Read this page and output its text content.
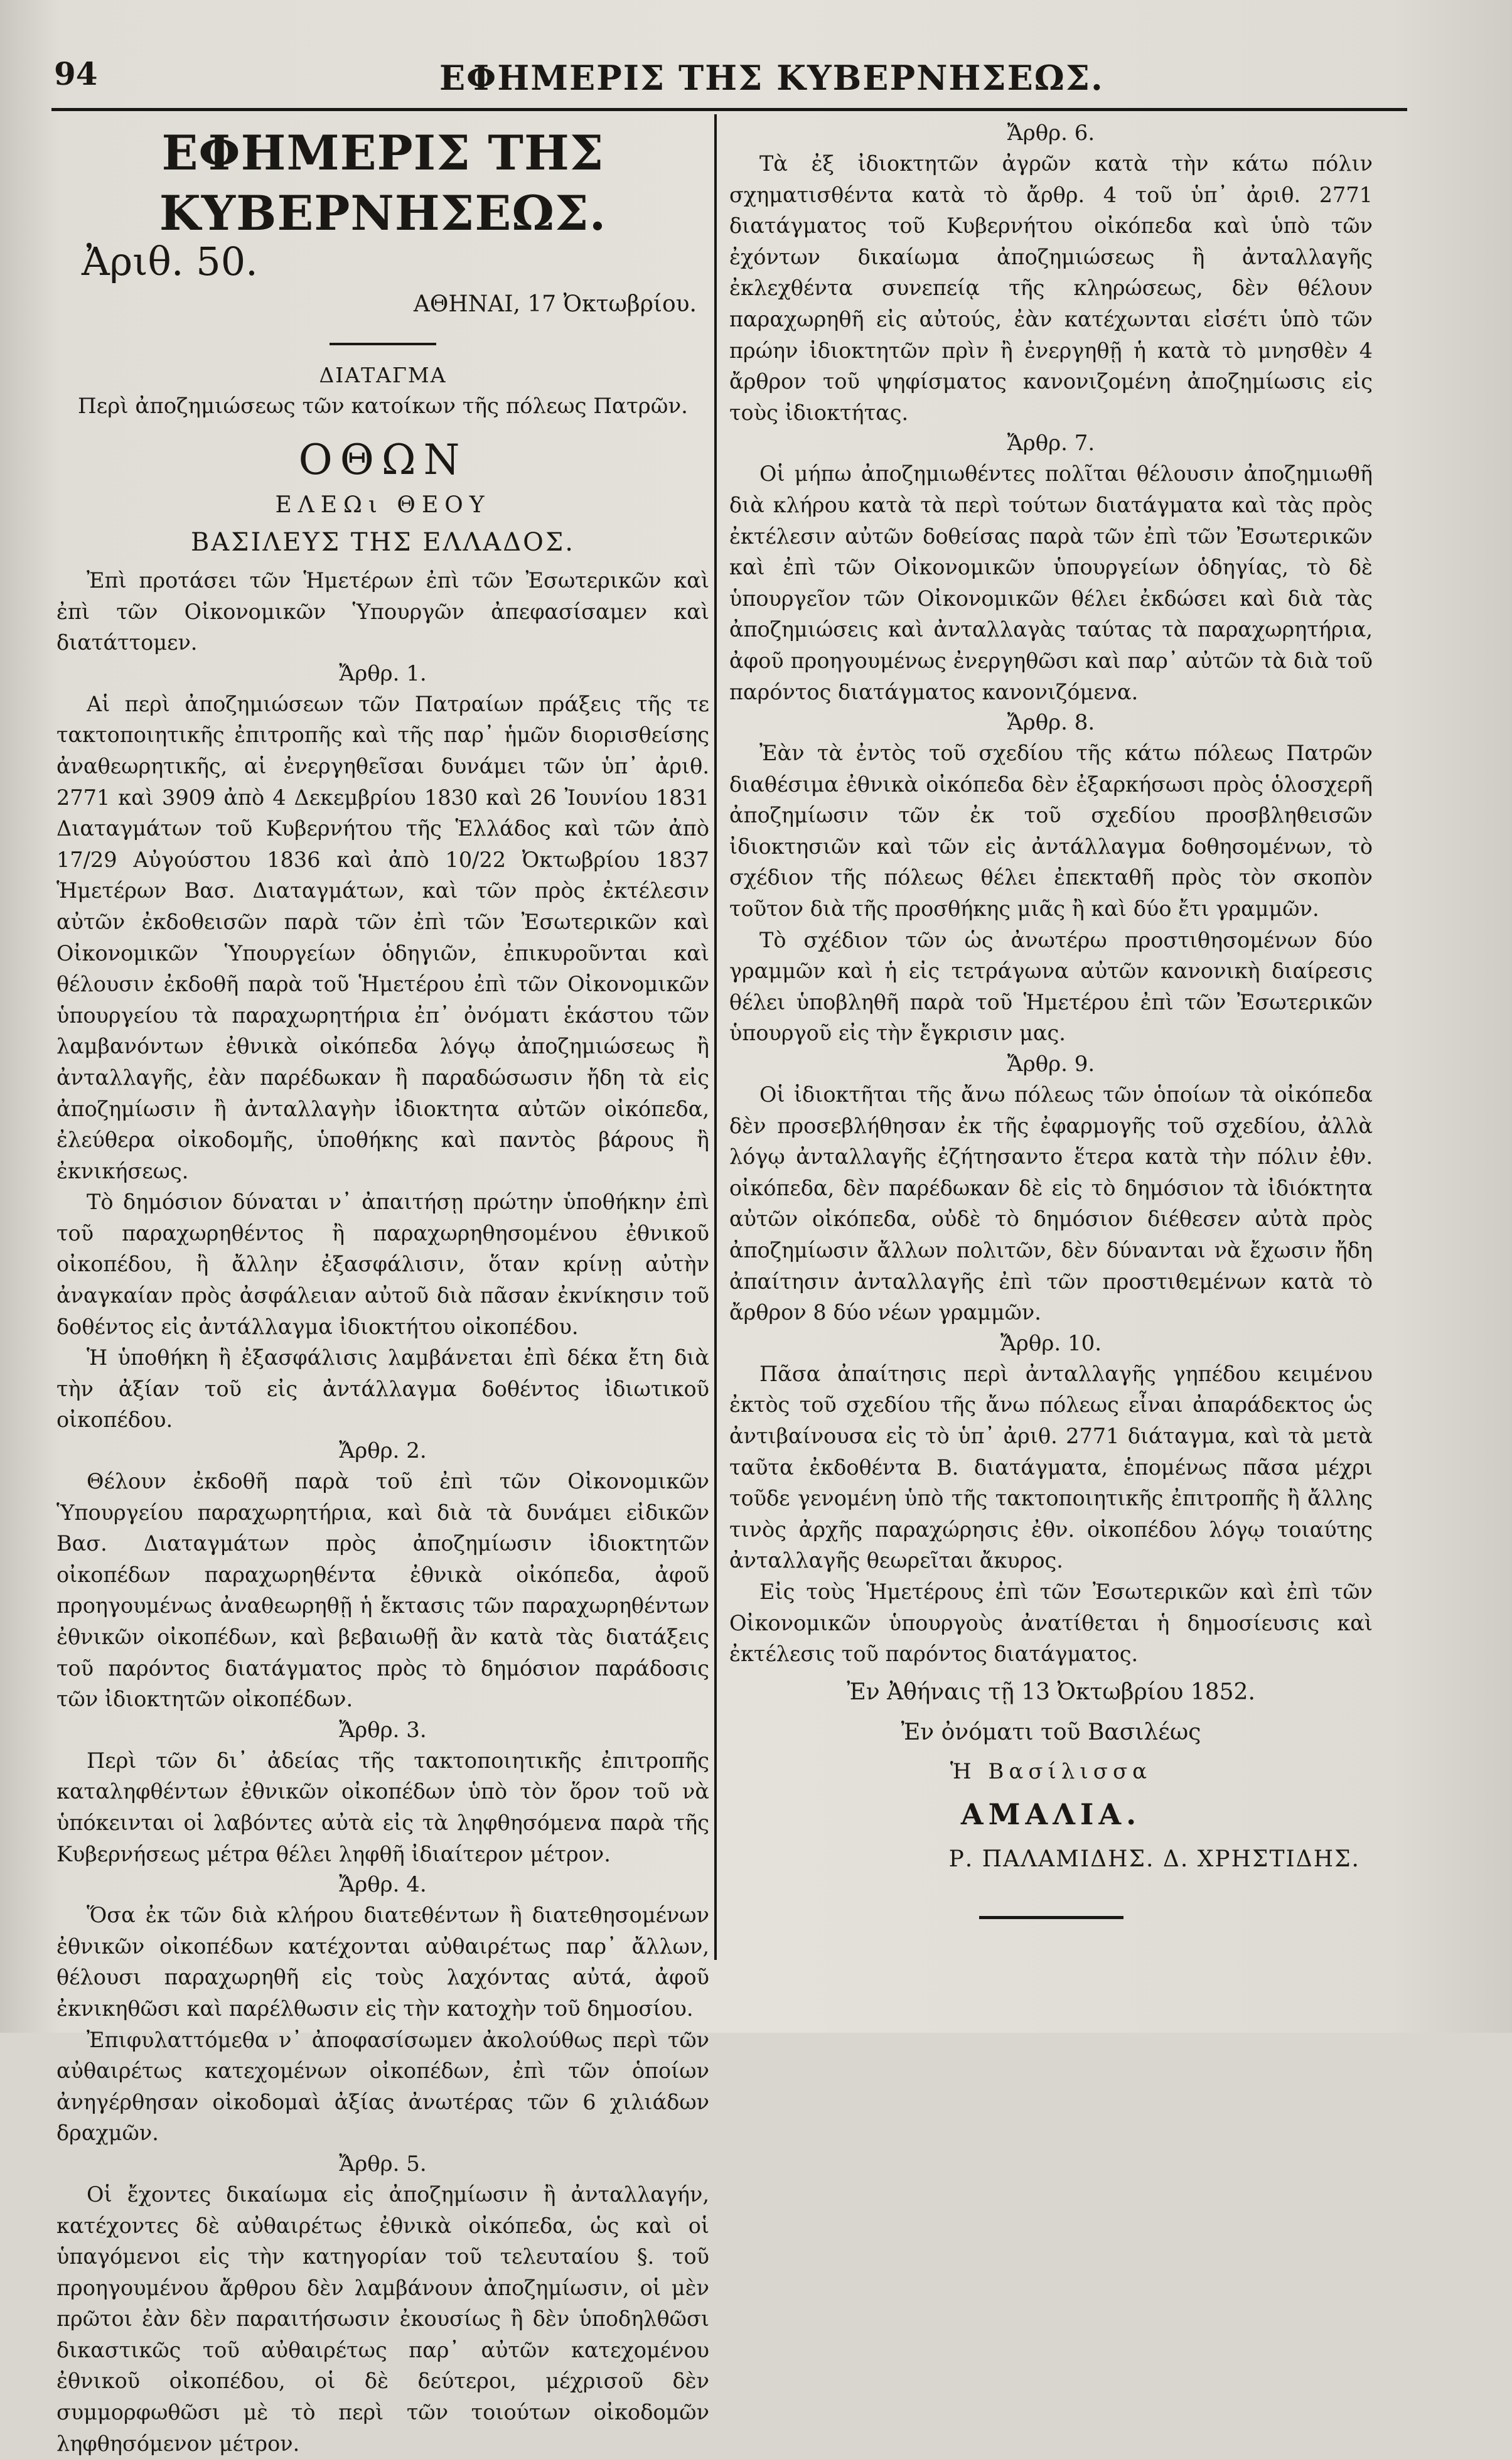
94	ΕΦΗΜΕΡΙΣ ΤΗΣ ΚΥΒΕΡΝΗΣΕΩΣ.
ΕΦΗΜΕΡΙΣ ΤΗΣ ΚΥΒΕΡΝΗΣΕΩΣ.
Ἀριθ. 50.
ΑΘΗΝΑΙ, 17 Ὀκτωβρίου.
ΔΙΑΤΑΓΜΑ
Περὶ ἀποζημιώσεως τῶν κατοίκων τῆς πόλεως Πατρῶν.
ΟΘΩΝ
ΕΛΕΩι ΘΕΟΥ
ΒΑΣΙΛΕΥΣ ΤΗΣ ΕΛΛΑΔΟΣ.

Ἐπὶ προτάσει τῶν Ἡμετέρων ἐπὶ τῶν Ἐσωτερικῶν καὶ ἐπὶ τῶν Οἰκονομικῶν Ὑπουργῶν ἀπεφασίσαμεν καὶ διατάττομεν.

Ἄρθρ. 1.

Αἱ περὶ ἀποζημιώσεων τῶν Πατραίων πράξεις τῆς τε τακτοποιητικῆς ἐπιτροπῆς καὶ τῆς παρ᾽ ἡμῶν διορισθείσης ἀναθεωρητικῆς, αἱ ἐνεργηθεῖσαι δυνάμει τῶν ὑπ᾽ ἀριθ. 2771 καὶ 3909 ἀπὸ 4 Δεκεμβρίου 1830 καὶ 26 Ἰουνίου 1831 Διαταγμάτων τοῦ Κυβερνήτου τῆς Ἑλλάδος καὶ τῶν ἀπὸ 17/29 Αὐγούστου 1836 καὶ ἀπὸ 10/22 Ὀκτωβρίου 1837 Ἡμετέρων Βασ. Διαταγμάτων, καὶ τῶν πρὸς ἐκτέλεσιν αὐτῶν ἐκδοθεισῶν παρὰ τῶν ἐπὶ τῶν Ἐσωτερικῶν καὶ Οἰκονομικῶν Ὑπουργείων ὁδηγιῶν, ἐπικυροῦνται καὶ θέλουσιν ἐκδοθῆ παρὰ τοῦ Ἡμετέρου ἐπὶ τῶν Οἰκονομικῶν ὑπουργείου τὰ παραχωρητήρια ἐπ᾽ ὀνόματι ἑκάστου τῶν λαμβανόντων ἐθνικὰ οἰκόπεδα λόγῳ ἀποζημιώσεως ἢ ἀνταλλαγῆς, ἐὰν παρέδωκαν ἢ παραδώσωσιν ἤδη τὰ εἰς ἀποζημίωσιν ἢ ἀνταλλαγὴν ἰδιοκτητα αὐτῶν οἰκόπεδα, ἐλεύθερα οἰκοδομῆς, ὑποθήκης καὶ παντὸς βάρους ἢ ἐκνικήσεως.

Τὸ δημόσιον δύναται ν᾽ ἀπαιτήσῃ πρώτην ὑποθήκην ἐπὶ τοῦ παραχωρηθέντος ἢ παραχωρηθησομένου ἐθνικοῦ οἰκοπέδου, ἢ ἄλλην ἐξασφάλισιν, ὅταν κρίνῃ αὐτὴν ἀναγκαίαν πρὸς ἀσφάλειαν αὐτοῦ διὰ πᾶσαν ἐκνίκησιν τοῦ δοθέντος εἰς ἀντάλλαγμα ἰδιοκτήτου οἰκοπέδου.

Ἡ ὑποθήκη ἢ ἐξασφάλισις λαμβάνεται ἐπὶ δέκα ἔτη διὰ τὴν ἀξίαν τοῦ εἰς ἀντάλλαγμα δοθέντος ἰδιωτικοῦ οἰκοπέδου.

Ἄρθρ. 2.

Θέλουν ἐκδοθῆ παρὰ τοῦ ἐπὶ τῶν Οἰκονομικῶν Ὑπουργείου παραχωρητήρια, καὶ διὰ τὰ δυνάμει εἰδικῶν Βασ. Διαταγμάτων πρὸς ἀποζημίωσιν ἰδιοκτητῶν οἰκοπέδων παραχωρηθέντα ἐθνικὰ οἰκόπεδα, ἀφοῦ προηγουμένως ἀναθεωρηθῇ ἡ ἔκτασις τῶν παραχωρηθέντων ἐθνικῶν οἰκοπέδων, καὶ βεβαιωθῇ ἂν κατὰ τὰς διατάξεις τοῦ παρόντος διατάγματος πρὸς τὸ δημόσιον παράδοσις τῶν ἰδιοκτητῶν οἰκοπέδων.

Ἄρθρ. 3.

Περὶ τῶν δι᾽ ἀδείας τῆς τακτοποιητικῆς ἐπιτροπῆς καταληφθέντων ἐθνικῶν οἰκοπέδων ὑπὸ τὸν ὅρον τοῦ νὰ ὑπόκεινται οἱ λαβόντες αὐτὰ εἰς τὰ ληφθησόμενα παρὰ τῆς Κυβερνήσεως μέτρα θέλει ληφθῆ ἰδιαίτερον μέτρον.

Ἄρθρ. 4.

Ὅσα ἐκ τῶν διὰ κλήρου διατεθέντων ἢ διατεθησομένων ἐθνικῶν οἰκοπέδων κατέχονται αὐθαιρέτως παρ᾽ ἄλλων, θέλουσι παραχωρηθῆ εἰς τοὺς λαχόντας αὐτά, ἀφοῦ ἐκνικηθῶσι καὶ παρέλθωσιν εἰς τὴν κατοχὴν τοῦ δημοσίου.

Ἐπιφυλαττόμεθα ν᾽ ἀποφασίσωμεν ἀκολούθως περὶ τῶν αὐθαιρέτως κατεχομένων οἰκοπέδων, ἐπὶ τῶν ὁποίων ἀνηγέρθησαν οἰκοδομαὶ ἀξίας ἀνωτέρας τῶν 6 χιλιάδων δραχμῶν.

Ἄρθρ. 5.

Οἱ ἔχοντες δικαίωμα εἰς ἀποζημίωσιν ἢ ἀνταλλαγήν, κατέχοντες δὲ αὐθαιρέτως ἐθνικὰ οἰκόπεδα, ὡς καὶ οἱ ὑπαγόμενοι εἰς τὴν κατηγορίαν τοῦ τελευταίου §. τοῦ προηγουμένου ἄρθρου δὲν λαμβάνουν ἀποζημίωσιν, οἱ μὲν πρῶτοι ἐὰν δὲν παραιτήσωσιν ἐκουσίως ἢ δὲν ὑποδηλθῶσι δικαστικῶς τοῦ αὐθαιρέτως παρ᾽ αὐτῶν κατεχομένου ἐθνικοῦ οἰκοπέδου, οἱ δὲ δεύτεροι, μέχρισοῦ δὲν συμμορφωθῶσι μὲ τὸ περὶ τῶν τοιούτων οἰκοδομῶν ληφθησόμενον μέτρον.

Ἄρθρ. 6.

Τὰ ἐξ ἰδιοκτητῶν ἀγρῶν κατὰ τὴν κάτω πόλιν σχηματισθέντα κατὰ τὸ ἄρθρ. 4 τοῦ ὑπ᾽ ἀριθ. 2771 διατάγματος τοῦ Κυβερνήτου οἰκόπεδα καὶ ὑπὸ τῶν ἐχόντων δικαίωμα ἀποζημιώσεως ἢ ἀνταλλαγῆς ἐκλεχθέντα συνεπείᾳ τῆς κληρώσεως, δὲν θέλουν παραχωρηθῆ εἰς αὐτούς, ἐὰν κατέχωνται εἰσέτι ὑπὸ τῶν πρώην ἰδιοκτητῶν πρὶν ἢ ἐνεργηθῇ ἡ κατὰ τὸ μνησθὲν 4 ἄρθρον τοῦ ψηφίσματος κανονιζομένη ἀποζημίωσις εἰς τοὺς ἰδιοκτήτας.

Ἄρθρ. 7.

Οἱ μήπω ἀποζημιωθέντες πολῖται θέλουσιν ἀποζημιωθῆ διὰ κλήρου κατὰ τὰ περὶ τούτων διατάγματα καὶ τὰς πρὸς ἐκτέλεσιν αὐτῶν δοθείσας παρὰ τῶν ἐπὶ τῶν Ἐσωτερικῶν καὶ ἐπὶ τῶν Οἰκονομικῶν ὑπουργείων ὁδηγίας, τὸ δὲ ὑπουργεῖον τῶν Οἰκονομικῶν θέλει ἐκδώσει καὶ διὰ τὰς ἀποζημιώσεις καὶ ἀνταλλαγὰς ταύτας τὰ παραχωρητήρια, ἀφοῦ προηγουμένως ἐνεργηθῶσι καὶ παρ᾽ αὐτῶν τὰ διὰ τοῦ παρόντος διατάγματος κανονιζόμενα.

Ἄρθρ. 8.

Ἐὰν τὰ ἐντὸς τοῦ σχεδίου τῆς κάτω πόλεως Πατρῶν διαθέσιμα ἐθνικὰ οἰκόπεδα δὲν ἐξαρκήσωσι πρὸς ὁλοσχερῆ ἀποζημίωσιν τῶν ἐκ τοῦ σχεδίου προσβληθεισῶν ἰδιοκτησιῶν καὶ τῶν εἰς ἀντάλλαγμα δοθησομένων, τὸ σχέδιον τῆς πόλεως θέλει ἐπεκταθῆ πρὸς τὸν σκοπὸν τοῦτον διὰ τῆς προσθήκης μιᾶς ἢ καὶ δύο ἔτι γραμμῶν.

Τὸ σχέδιον τῶν ὡς ἀνωτέρω προστιθησομένων δύο γραμμῶν καὶ ἡ εἰς τετράγωνα αὐτῶν κανονικὴ διαίρεσις θέλει ὑποβληθῆ παρὰ τοῦ Ἡμετέρου ἐπὶ τῶν Ἐσωτερικῶν ὑπουργοῦ εἰς τὴν ἔγκρισιν μας.

Ἄρθρ. 9.

Οἱ ἰδιοκτῆται τῆς ἄνω πόλεως τῶν ὁποίων τὰ οἰκόπεδα δὲν προσεβλήθησαν ἐκ τῆς ἐφαρμογῆς τοῦ σχεδίου, ἀλλὰ λόγῳ ἀνταλλαγῆς ἐζήτησαντο ἕτερα κατὰ τὴν πόλιν ἐθν. οἰκόπεδα, δὲν παρέδωκαν δὲ εἰς τὸ δημόσιον τὰ ἰδιόκτητα αὐτῶν οἰκόπεδα, οὐδὲ τὸ δημόσιον διέθεσεν αὐτὰ πρὸς ἀποζημίωσιν ἄλλων πολιτῶν, δὲν δύνανται νὰ ἔχωσιν ἤδη ἀπαίτησιν ἀνταλλαγῆς ἐπὶ τῶν προστιθεμένων κατὰ τὸ ἄρθρον 8 δύο νέων γραμμῶν.

Ἄρθρ. 10.

Πᾶσα ἀπαίτησις περὶ ἀνταλλαγῆς γηπέδου κειμένου ἐκτὸς τοῦ σχεδίου τῆς ἄνω πόλεως εἶναι ἀπαράδεκτος ὡς ἀντιβαίνουσα εἰς τὸ ὑπ᾽ ἀριθ. 2771 διάταγμα, καὶ τὰ μετὰ ταῦτα ἐκδοθέντα Β. διατάγματα, ἑπομένως πᾶσα μέχρι τοῦδε γενομένη ὑπὸ τῆς τακτοποιητικῆς ἐπιτροπῆς ἢ ἄλλης τινὸς ἀρχῆς παραχώρησις ἐθν. οἰκοπέδου λόγῳ τοιαύτης ἀνταλλαγῆς θεωρεῖται ἄκυρος.

Εἰς τοὺς Ἡμετέρους ἐπὶ τῶν Ἐσωτερικῶν καὶ ἐπὶ τῶν Οἰκονομικῶν ὑπουργοὺς ἀνατίθεται ἡ δημοσίευσις καὶ ἐκτέλεσις τοῦ παρόντος διατάγματος.

Ἐν Ἀθήναις τῇ 13 Ὀκτωβρίου 1852.
Ἐν ὀνόματι τοῦ Βασιλέως
Ἡ Βασίλισσα
ΑΜΑΛΙΑ.
Ρ. ΠΑΛΑΜΙΔΗΣ. Δ. ΧΡΗΣΤΙΔΗΣ.
